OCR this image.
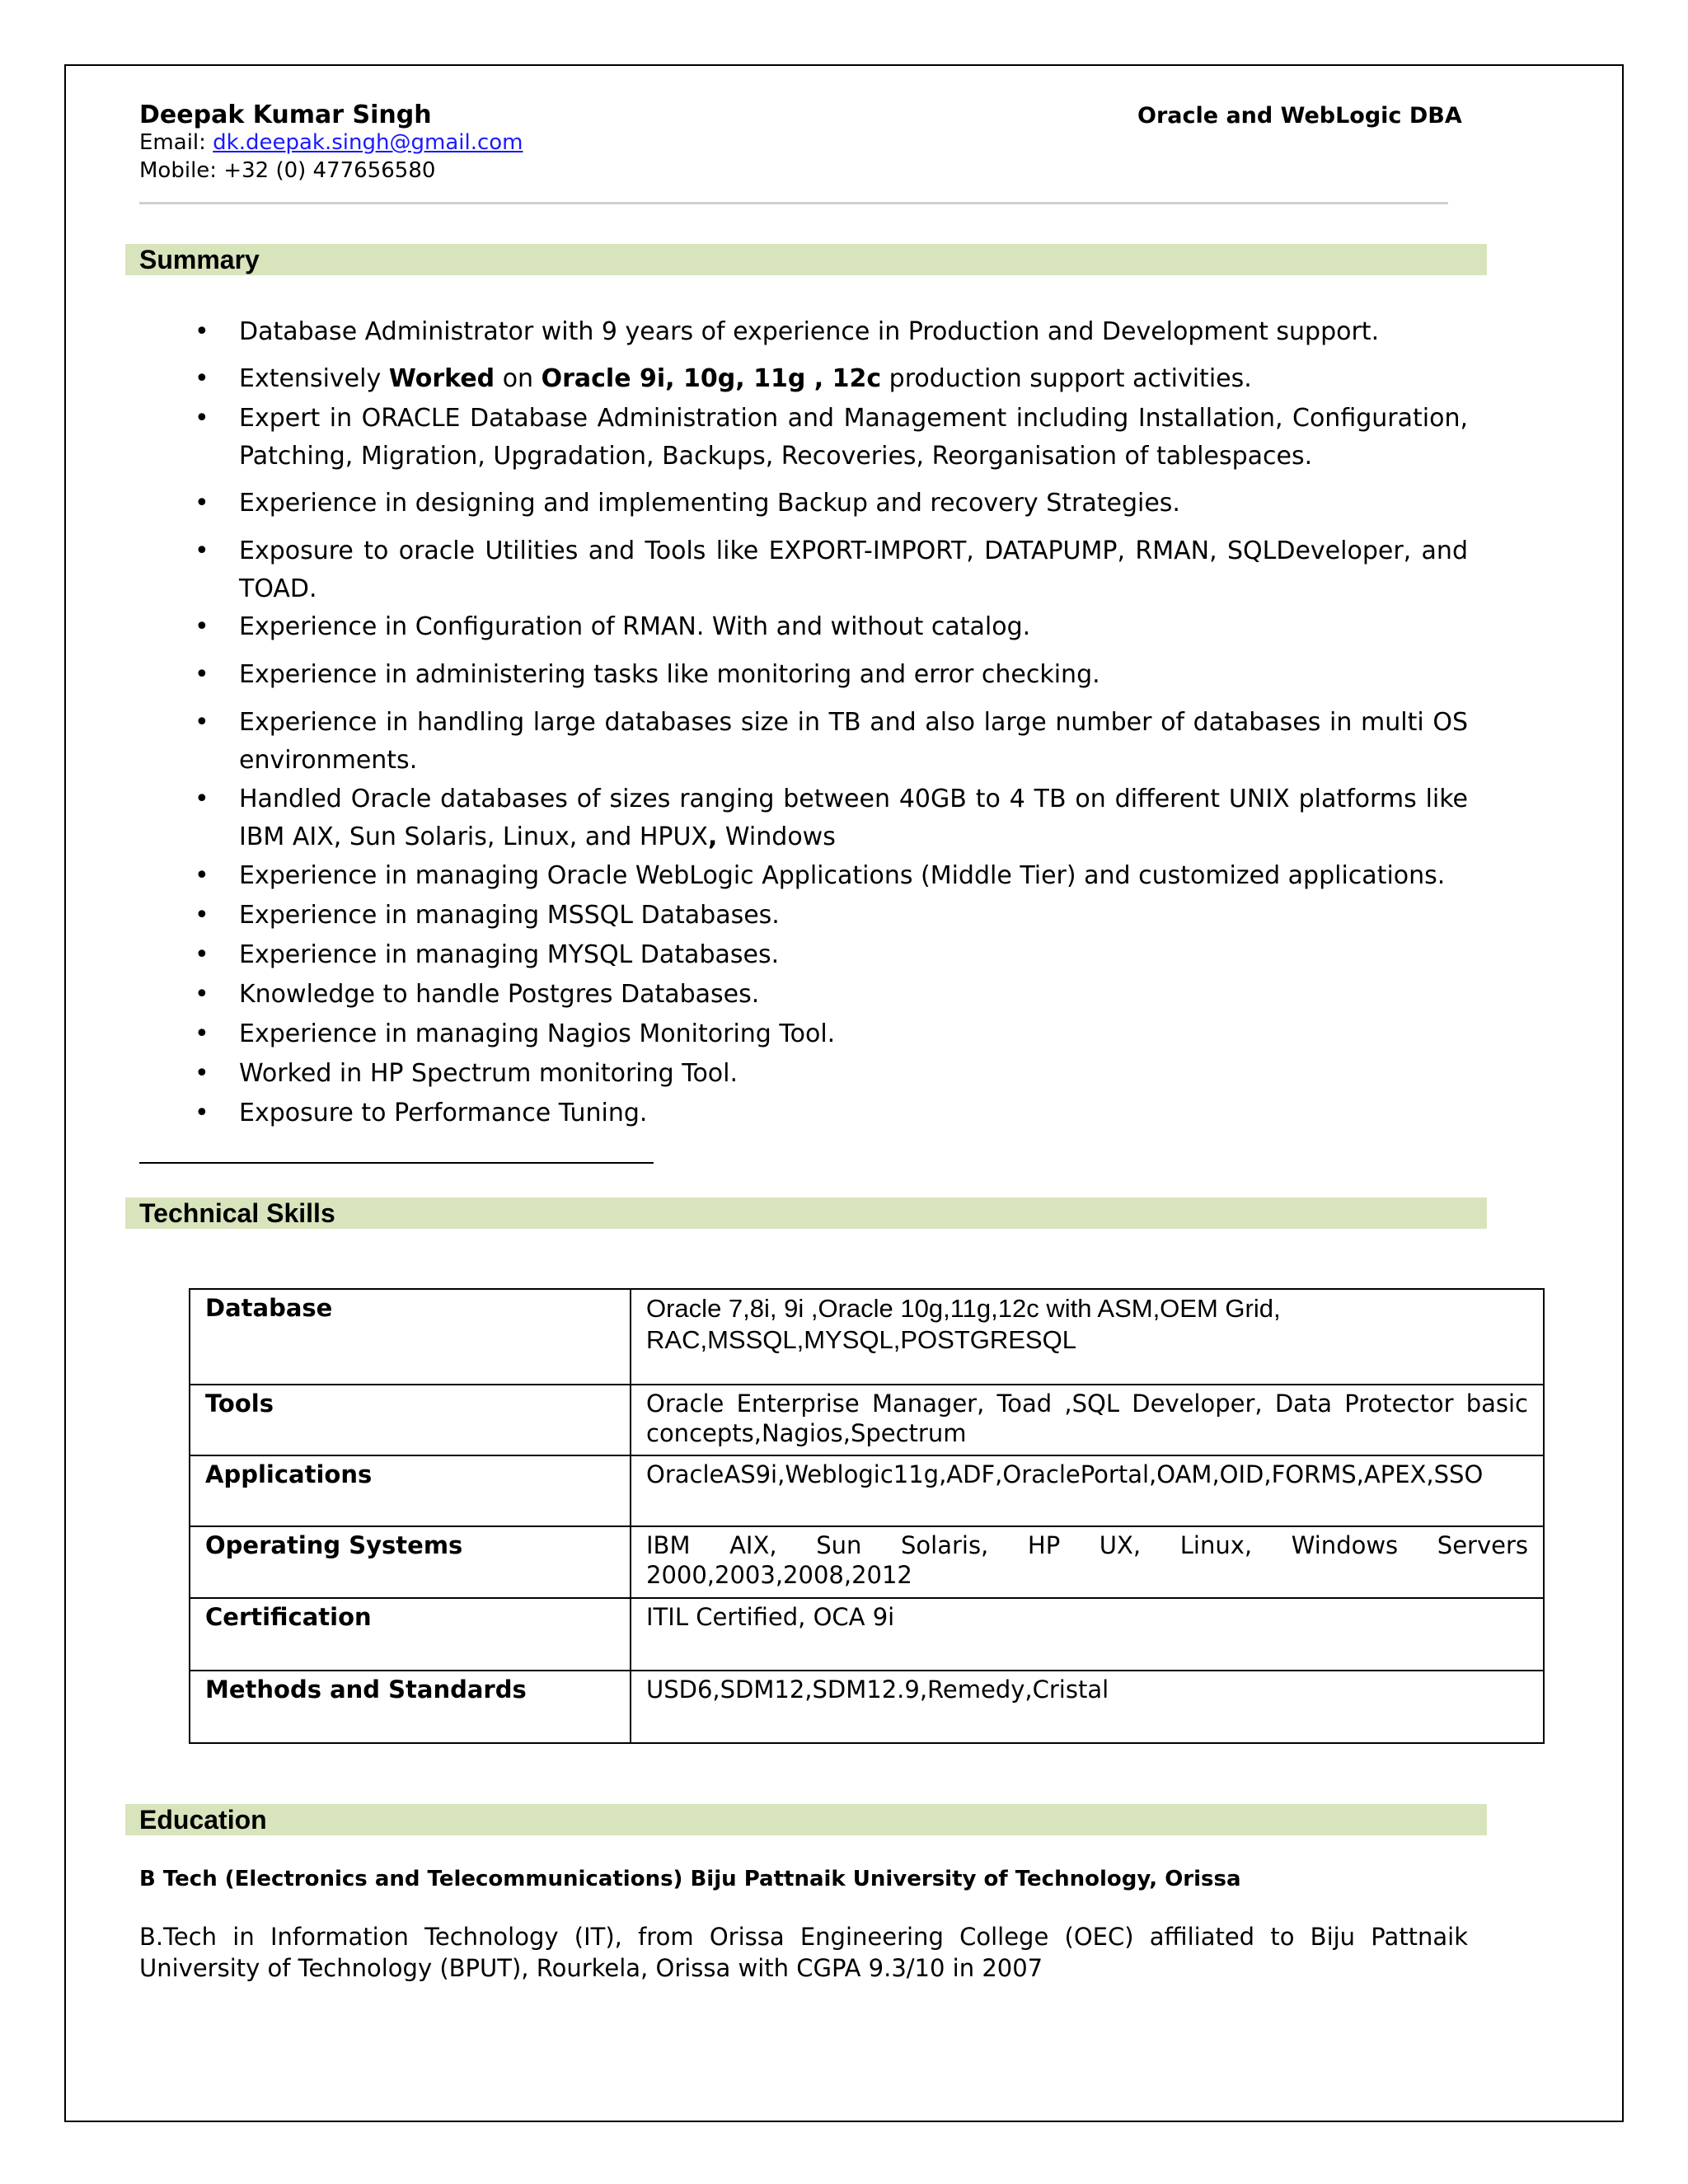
Deepak Kumar Singh	Oracle and WebLogic DBA
Email: dk.deepak.singh@gmail.com
Mobile: +32 (0) 477656580
Summary
• Database Administrator with 9 years of experience in Production and Development support.
• Extensively Worked on Oracle 9i, 10g, 11g , 12c production support activities.
• Expert in ORACLE Database Administration and Management including Installation, Configuration, Patching, Migration, Upgradation, Backups, Recoveries, Reorganisation of tablespaces.
• Experience in designing and implementing Backup and recovery Strategies.
• Exposure to oracle Utilities and Tools like EXPORT-IMPORT, DATAPUMP, RMAN, SQLDeveloper, and TOAD.
• Experience in Configuration of RMAN. With and without catalog.
• Experience in administering tasks like monitoring and error checking.
• Experience in handling large databases size in TB and also large number of databases in multi OS environments.
• Handled Oracle databases of sizes ranging between 40GB to 4 TB on different UNIX platforms like IBM AIX, Sun Solaris, Linux, and HPUX, Windows
• Experience in managing Oracle WebLogic Applications (Middle Tier) and customized applications.
• Experience in managing MSSQL Databases.
• Experience in managing MYSQL Databases.
• Knowledge to handle Postgres Databases.
• Experience in managing Nagios Monitoring Tool.
• Worked in HP Spectrum monitoring Tool.
• Exposure to Performance Tuning.
Technical Skills
Database	Oracle 7,8i, 9i ,Oracle 10g,11g,12c with ASM,OEM Grid, RAC,MSSQL,MYSQL,POSTGRESQL
Tools	Oracle Enterprise Manager, Toad ,SQL Developer, Data Protector basic concepts,Nagios,Spectrum
Applications	OracleAS9i,Weblogic11g,ADF,OraclePortal,OAM,OID,FORMS,APEX,SSO
Operating Systems	IBM AIX, Sun Solaris, HP UX, Linux, Windows Servers 2000,2003,2008,2012
Certification	ITIL Certified, OCA 9i
Methods and Standards	USD6,SDM12,SDM12.9,Remedy,Cristal
Education
B Tech (Electronics and Telecommunications) Biju Pattnaik University of Technology, Orissa
B.Tech in Information Technology (IT), from Orissa Engineering College (OEC) affiliated to Biju Pattnaik University of Technology (BPUT), Rourkela, Orissa with CGPA 9.3/10 in 2007
